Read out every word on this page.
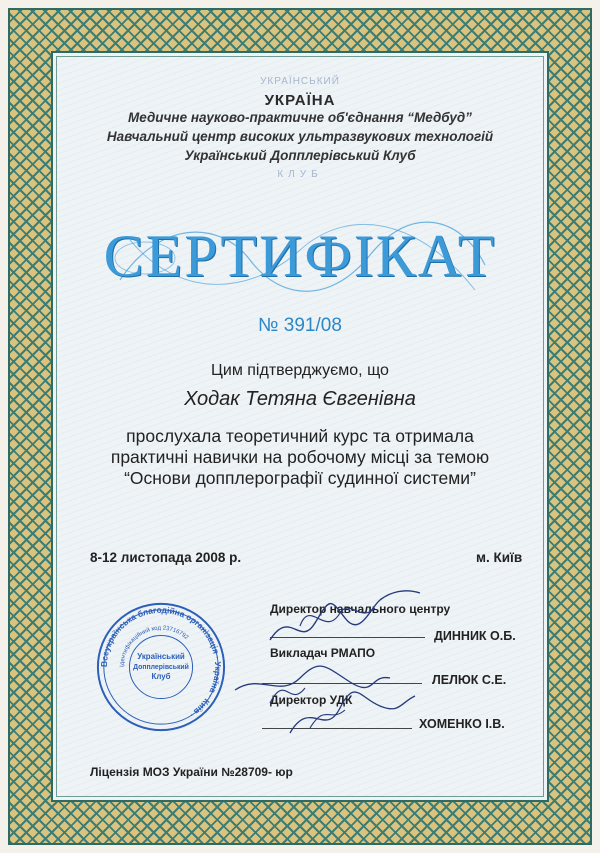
УКРАЇНСЬКИЙ
УКРАЇНА
Медичне науково-практичне об'єднання “Медбуд”
Навчальний центр високих ультразвукових технологій
Український Допплерівський Клуб
КЛУБ
СЕРТИФІКАТ
№ 391/08
Цим підтверджуємо, що
Ходак Тетяна Євгенівна
прослухала теоретичний курс та отримала
практичні навички на робочому місці за темою
“Основи допплерографії судинної системи”
8-12 листопада 2008 р.	м. Київ
Директор навчального центру
ДИННИК О.Б.
Викладач РМАПО
ЛЕЛЮК С.Е.
Директор УДК
ХОМЕНКО І.В.
Всеукраїнська благодійна організація · Україна · Київ ·
Ідентифікаційний код 23716792
Український
Допплерівський
Клуб
Ліцензія МОЗ України №28709- юр
